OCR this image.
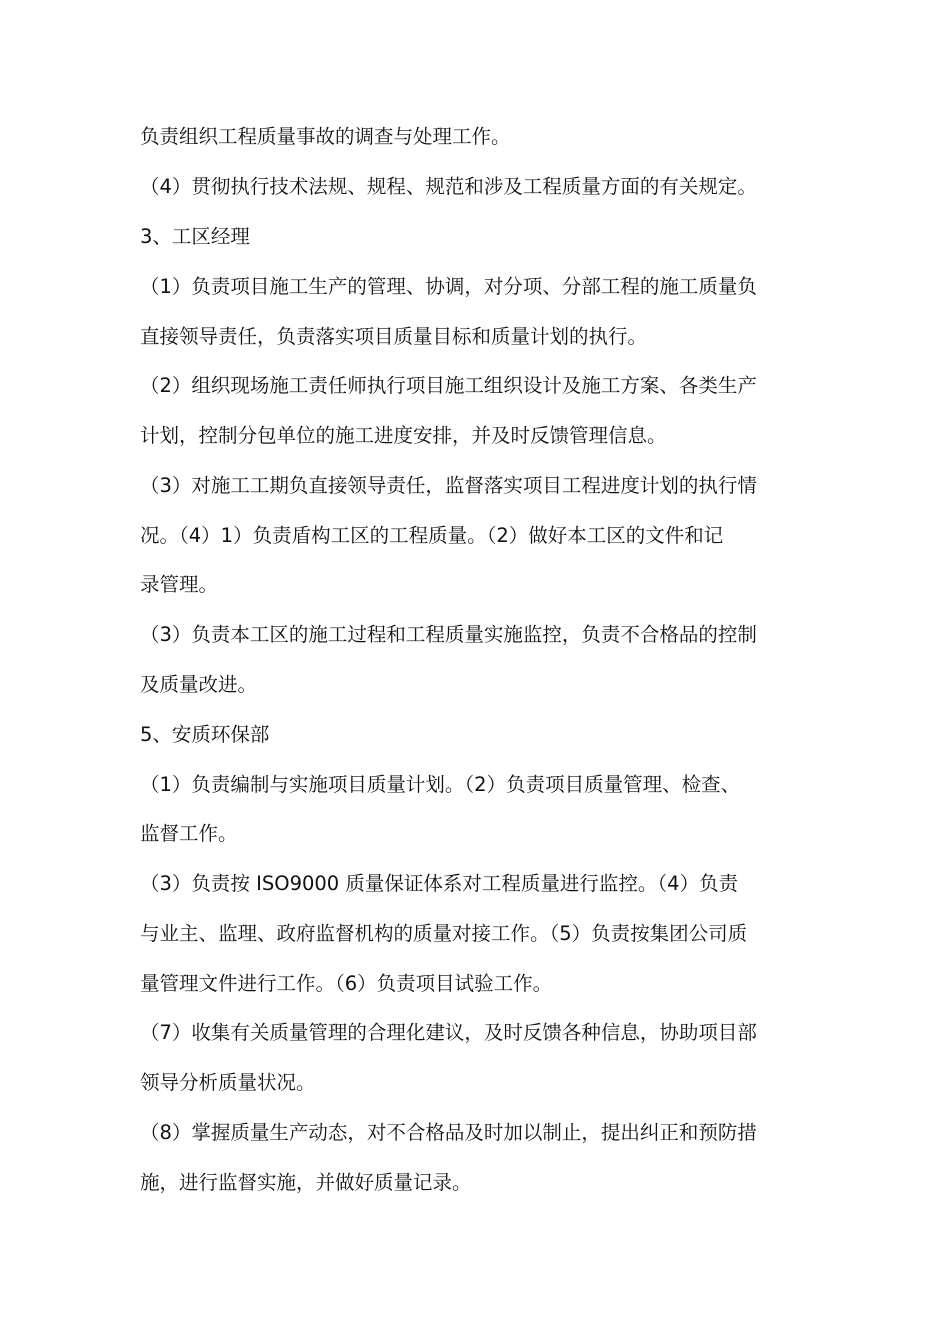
负责组织工程质量事故的调查与处理工作。
（4）贯彻执行技术法规、规程、规范和涉及工程质量方面的有关规定。
3、工区经理
（1）负责项目施工生产的管理、协调，对分项、分部工程的施工质量负
直接领导责任，负责落实项目质量目标和质量计划的执行。
（2）组织现场施工责任师执行项目施工组织设计及施工方案、各类生产
计划，控制分包单位的施工进度安排，并及时反馈管理信息。
（3）对施工工期负直接领导责任，监督落实项目工程进度计划的执行情
况。（4）1）负责盾构工区的工程质量。（2）做好本工区的文件和记
录管理。
（3）负责本工区的施工过程和工程质量实施监控，负责不合格品的控制
及质量改进。
5、安质环保部
（1）负责编制与实施项目质量计划。（2）负责项目质量管理、检查、
监督工作。
（3）负责按 ISO9000 质量保证体系对工程质量进行监控。（4）负责
与业主、监理、政府监督机构的质量对接工作。（5）负责按集团公司质
量管理文件进行工作。（6）负责项目试验工作。
（7）收集有关质量管理的合理化建议，及时反馈各种信息，协助项目部
领导分析质量状况。
（8）掌握质量生产动态，对不合格品及时加以制止，提出纠正和预防措
施，进行监督实施，并做好质量记录。
